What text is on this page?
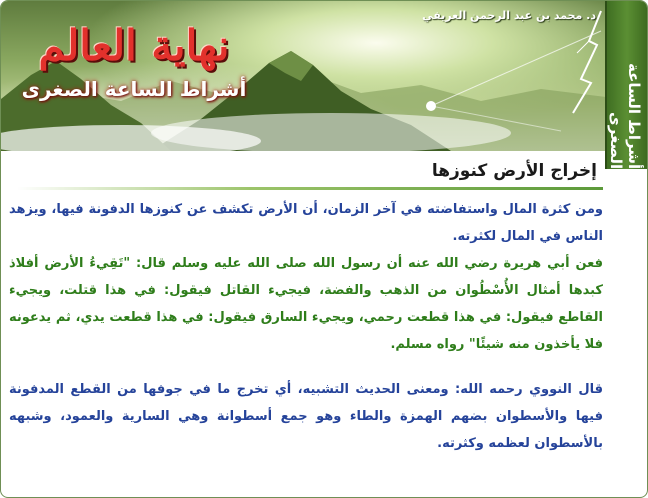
نهاية العالم
أشراط الساعة الصغرى
د. محمد بن عبد الرحمن العريفي
أشراط الساعة الصغرى
إخراج الأرض كنوزها

ومن كثرة المال واستفاضته في آخر الزمان، أن الأرض تكشف عن كنوزها الدفونة فيها، ويزهد الناس في المال لكثرته.

فعن أبي هريرة رضي الله عنه أن رسول الله صلى الله عليه وسلم قال: "تَقِيءُ الأرض أفلاذ كبدها أمثال الأُسْطُوان من الذهب والفضة، فيجيء القاتل فيقول: في هذا قتلت، ويجيء القاطع فيقول: في هذا قطعت رحمي، ويجيء السارق فيقول: في هذا قطعت يدي، ثم يدعونه فلا يأخذون منه شيئًا" رواه مسلم.

قال النووي رحمه الله: ومعنى الحديث التشبيه، أي تخرج ما في جوفها من القطع المدفونة فيها والأسطوان بضهم الهمزة والطاء وهو جمع أسطوانة وهي السارية والعمود، وشبهه بالأسطوان لعظمه وكثرته.
